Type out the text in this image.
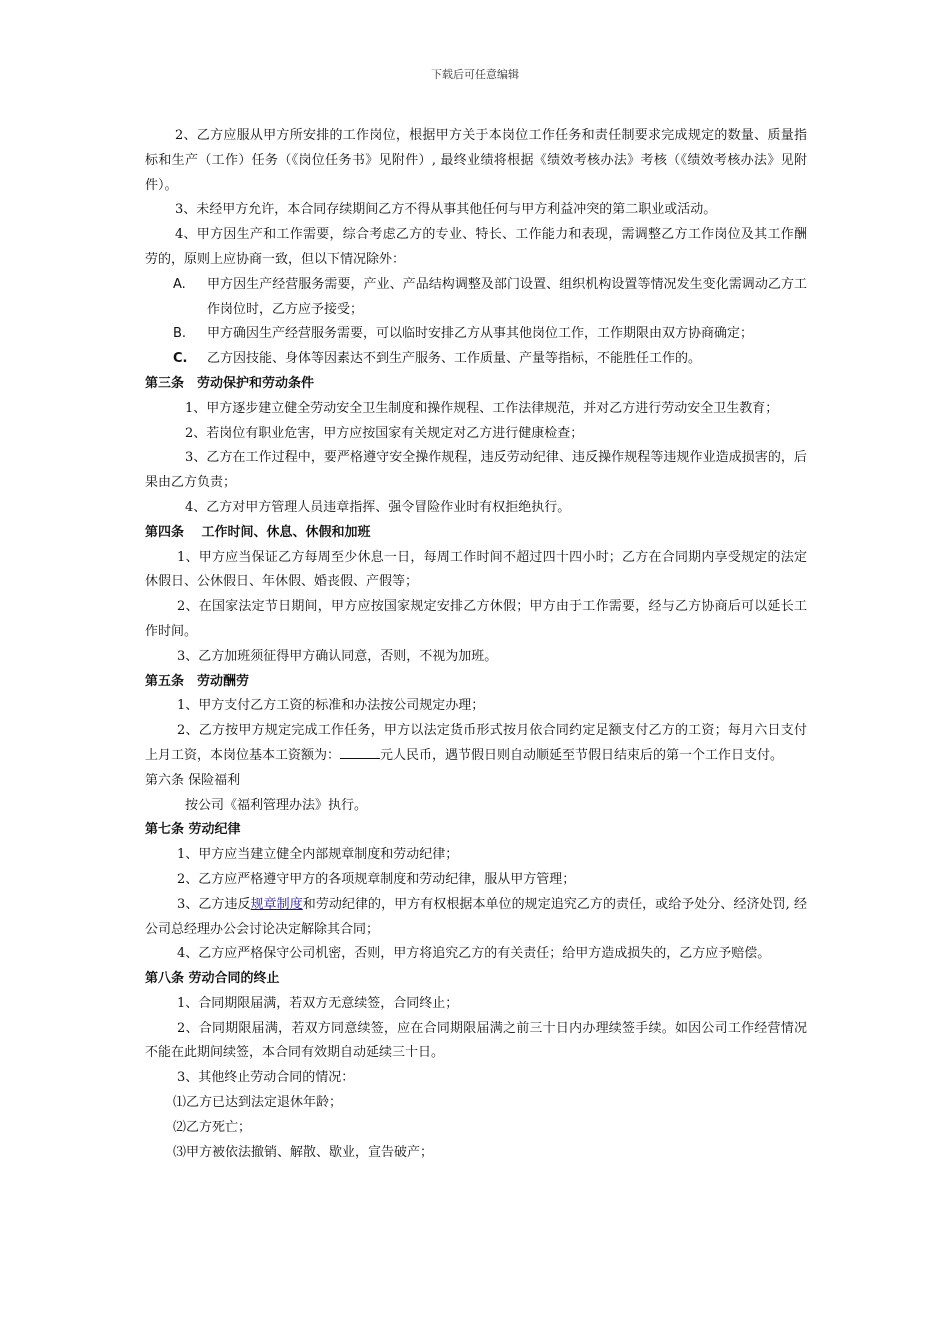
下载后可任意编辑

2、乙方应服从甲方所安排的工作岗位，根据甲方关于本岗位工作任务和责任制要求完成规定的数量、质量指标和生产（工作）任务（《岗位任务书》见附件）, 最终业绩将根据《绩效考核办法》考核（《绩效考核办法》见附件）。

3、未经甲方允许，本合同存续期间乙方不得从事其他任何与甲方利益冲突的第二职业或活动。

4、甲方因生产和工作需要，综合考虑乙方的专业、特长、工作能力和表现，需调整乙方工作岗位及其工作酬劳的，原则上应协商一致，但以下情况除外：

A.	甲方因生产经营服务需要，产业、产品结构调整及部门设置、组织机构设置等情况发生变化需调动乙方工作岗位时，乙方应予接受；
B.	甲方确因生产经营服务需要，可以临时安排乙方从事其他岗位工作，工作期限由双方协商确定；
C.	乙方因技能、身体等因素达不到生产服务、工作质量、产量等指标，不能胜任工作的。

第三条　劳动保护和劳动条件

1、甲方逐步建立健全劳动安全卫生制度和操作规程、工作法律规范，并对乙方进行劳动安全卫生教育；

2、若岗位有职业危害，甲方应按国家有关规定对乙方进行健康检查；

3、乙方在工作过程中，要严格遵守安全操作规程，违反劳动纪律、违反操作规程等违规作业造成损害的，后果由乙方负责；

4、乙方对甲方管理人员违章指挥、强令冒险作业时有权拒绝执行。

第四条　 工作时间、休息、休假和加班

1、甲方应当保证乙方每周至少休息一日，每周工作时间不超过四十四小时；乙方在合同期内享受规定的法定休假日、公休假日、年休假、婚丧假、产假等；

2、在国家法定节日期间，甲方应按国家规定安排乙方休假；甲方由于工作需要，经与乙方协商后可以延长工作时间。

3、乙方加班须征得甲方确认同意，否则，不视为加班。

第五条　劳动酬劳

1、甲方支付乙方工资的标准和办法按公司规定办理；

2、乙方按甲方规定完成工作任务，甲方以法定货币形式按月依合同约定足额支付乙方的工资；每月六日支付上月工资，本岗位基本工资额为：	元人民币，遇节假日则自动顺延至节假日结束后的第一个工作日支付。

第六条 保险福利

按公司《福利管理办法》执行。

第七条 劳动纪律

1、甲方应当建立健全内部规章制度和劳动纪律；

2、乙方应严格遵守甲方的各项规章制度和劳动纪律，服从甲方管理；

3、乙方违反规章制度和劳动纪律的，甲方有权根据本单位的规定追究乙方的责任，或给予处分、经济处罚, 经公司总经理办公会讨论决定解除其合同；

4、乙方应严格保守公司机密，否则，甲方将追究乙方的有关责任；给甲方造成损失的，乙方应予赔偿。

第八条 劳动合同的终止

1、合同期限届满，若双方无意续签，合同终止；

2、合同期限届满，若双方同意续签，应在合同期限届满之前三十日内办理续签手续。如因公司工作经营情况不能在此期间续签，本合同有效期自动延续三十日。

3、其他终止劳动合同的情况：

⑴乙方已达到法定退休年龄；

⑵乙方死亡；

⑶甲方被依法撤销、解散、歇业，宣告破产；
